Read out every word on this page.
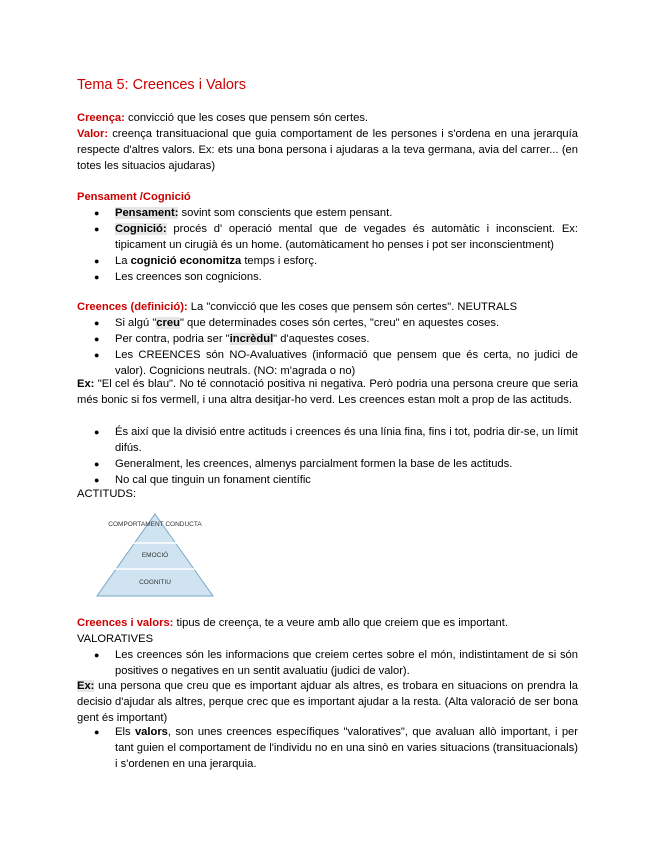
Tema 5: Creences i Valors

Creença: convicció que les coses que pensem són certes.

Valor: creença transituacional que guia comportament de les persones i s'ordena en una jerarquía respecte d'altres valors. Ex: ets una bona persona i ajudaras a la teva germana, avia del carrer... (en totes les situacios ajudaras)

Pensament /Cognició

● Pensament: sovint som conscients que estem pensant.
● Cognició: procés d' operació mental que de vegades és automàtic i inconscient. Ex: tipicament un cirugià és un home. (automàticament ho penses i pot ser inconscientment)
● La cognició economitza temps i esforç.
● Les creences son cognicions.

Creences (definició): La "convicció que les coses que pensem són certes". NEUTRALS

● Si algú "creu" que determinades coses són certes, "creu" en aquestes coses.
● Per contra, podria ser "incrèdul" d'aquestes coses.
● Les CREENCES són NO-Avaluatives (informació que pensem que és certa, no judici de valor). Cognicions neutrals. (NO: m'agrada o no)

Ex: "El cel és blau". No té connotació positiva ni negativa. Però podria una persona creure que seria més bonic si fos vermell, i una altra desitjar-ho verd. Les creences estan molt a prop de las actituds.

● És així que la divisió entre actituds i creences és una línia fina, fins i tot, podria dir-se, un límit difús.
● Generalment, les creences, almenys parcialment formen la base de les actituds.
● No cal que tinguin un fonament científic

ACTITUDS:

COMPORTAMENT CONDUCTA
EMOCIÓ
COGNITIU

Creences i valors: tipus de creença, te a veure amb allo que creiem que es important.

VALORATIVES

● Les creences són les informacions que creiem certes sobre el món, indistintament de si són positives o negatives en un sentit avaluatiu (judici de valor).

Ex: una persona que creu que es important ajduar als altres, es trobara en situacions on prendra la decisio d'ajudar als altres, perque crec que es important ajudar a la resta. (Alta valoració de ser bona gent és important)

● Els valors, son unes creences específiques "valoratives", que avaluan allò important, i per tant guien el comportament de l'individu no en una sinò en varies situacions (transituacionals) i s'ordenen en una jerarquia.
